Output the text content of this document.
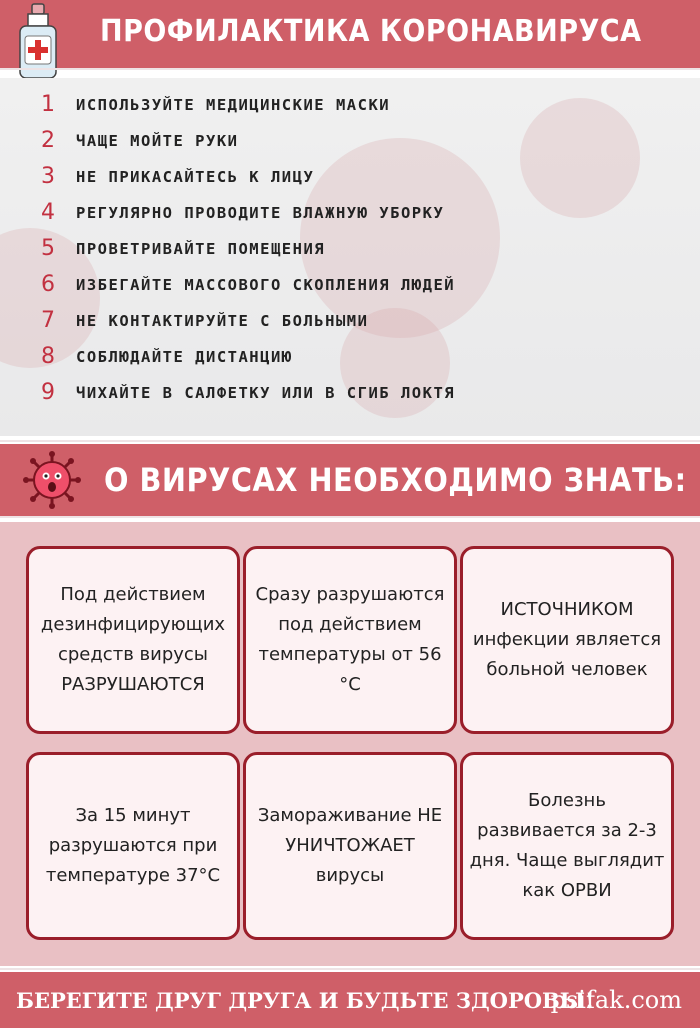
ПРОФИЛАКТИКА КОРОНАВИРУСА
1 ИСПОЛЬЗУЙТЕ МЕДИЦИНСКИЕ МАСКИ
2 ЧАЩЕ МОЙТЕ РУКИ
3 НЕ ПРИКАСАЙТЕСЬ К ЛИЦУ
4 РЕГУЛЯРНО ПРОВОДИТЕ ВЛАЖНУЮ УБОРКУ
5 ПРОВЕТРИВАЙТЕ ПОМЕЩЕНИЯ
6 ИЗБЕГАЙТЕ МАССОВОГО СКОПЛЕНИЯ ЛЮДЕЙ
7 НЕ КОНТАКТИРУЙТЕ С БОЛЬНЫМИ
8 СОБЛЮДАЙТЕ ДИСТАНЦИЮ
9 ЧИХАЙТЕ В САЛФЕТКУ ИЛИ В СГИБ ЛОКТЯ
О ВИРУСАХ НЕОБХОДИМО ЗНАТЬ:
Под действием дезинфицирующих средств вирусы РАЗРУШАЮТСЯ
Сразу разрушаются под действием температуры от 56 °С
ИСТОЧНИКОМ инфекции является больной человек
За 15 минут разрушаются при температуре 37°С
Замораживание НЕ УНИЧТОЖАЕТ вирусы
Болезнь развивается за 2-3 дня. Чаще выглядит как ОРВИ
БЕРЕГИТЕ ДРУГ ДРУГА И БУДЬТЕ ЗДОРОВЫ!
psifak.com
